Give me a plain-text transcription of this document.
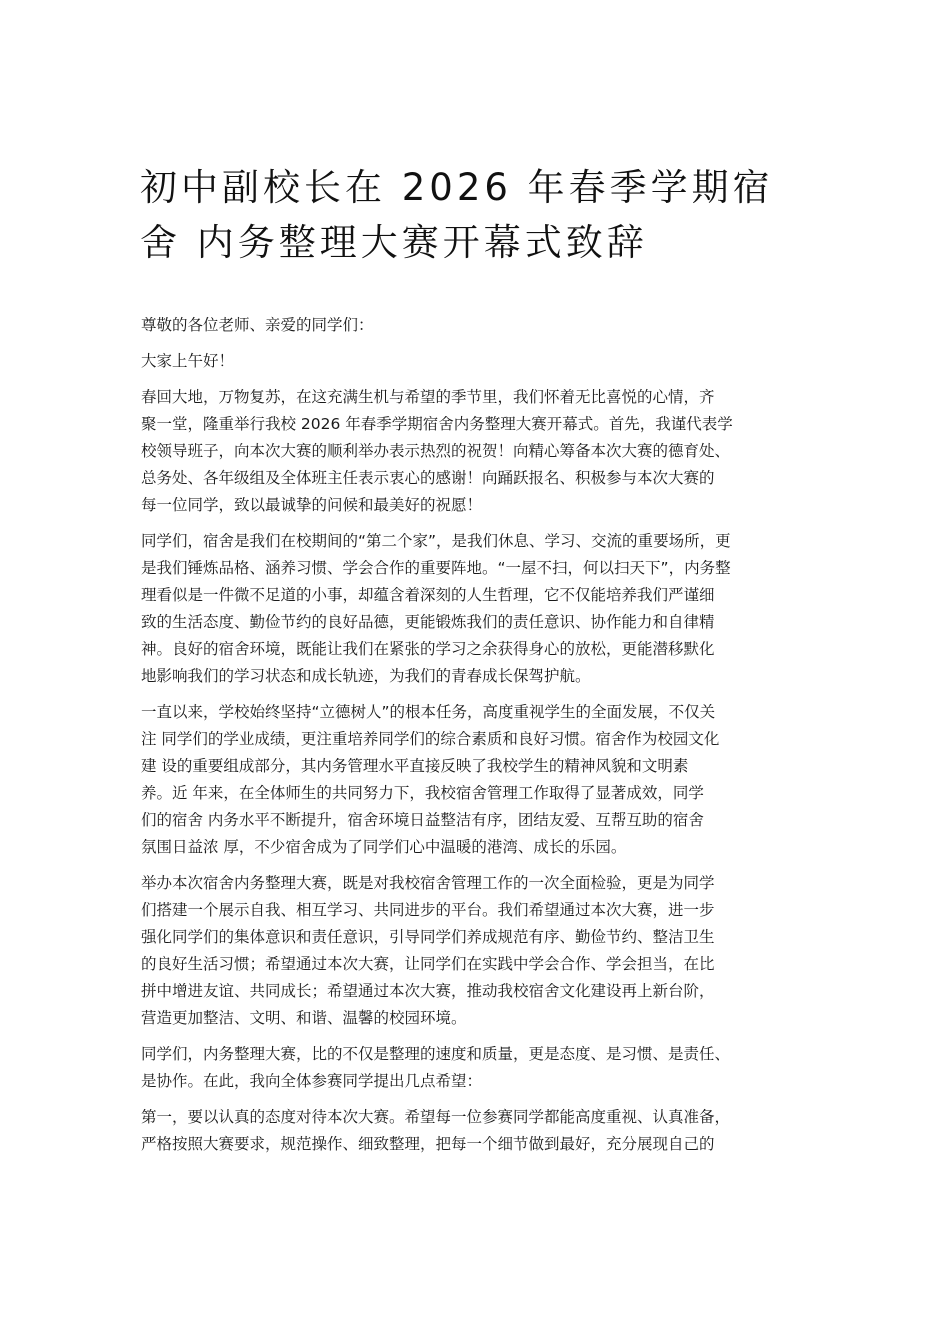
初中副校长在 2026 年春季学期宿
舍 内务整理大赛开幕式致辞

尊敬的各位老师、亲爱的同学们：

大家上午好！

春回大地，万物复苏，在这充满生机与希望的季节里，我们怀着无比喜悦的心情，齐
聚一堂，隆重举行我校 2026 年春季学期宿舍内务整理大赛开幕式。首先，我谨代表学
校领导班子，向本次大赛的顺利举办表示热烈的祝贺！向精心筹备本次大赛的德育处、
总务处、各年级组及全体班主任表示衷心的感谢！向踊跃报名、积极参与本次大赛的
每一位同学，致以最诚挚的问候和最美好的祝愿！

同学们，宿舍是我们在校期间的“第二个家”，是我们休息、学习、交流的重要场所，更
是我们锤炼品格、涵养习惯、学会合作的重要阵地。“一屋不扫，何以扫天下”，内务整
理看似是一件微不足道的小事，却蕴含着深刻的人生哲理，它不仅能培养我们严谨细
致的生活态度、勤俭节约的良好品德，更能锻炼我们的责任意识、协作能力和自律精
神。良好的宿舍环境，既能让我们在紧张的学习之余获得身心的放松，更能潜移默化
地影响我们的学习状态和成长轨迹，为我们的青春成长保驾护航。

一直以来，学校始终坚持“立德树人”的根本任务，高度重视学生的全面发展，不仅关
注 同学们的学业成绩，更注重培养同学们的综合素质和良好习惯。宿舍作为校园文化
建 设的重要组成部分，其内务管理水平直接反映了我校学生的精神风貌和文明素
养。近 年来，在全体师生的共同努力下，我校宿舍管理工作取得了显著成效，同学
们的宿舍 内务水平不断提升，宿舍环境日益整洁有序，团结友爱、互帮互助的宿舍
氛围日益浓 厚，不少宿舍成为了同学们心中温暖的港湾、成长的乐园。

举办本次宿舍内务整理大赛，既是对我校宿舍管理工作的一次全面检验，更是为同学
们搭建一个展示自我、相互学习、共同进步的平台。我们希望通过本次大赛，进一步
强化同学们的集体意识和责任意识，引导同学们养成规范有序、勤俭节约、整洁卫生
的良好生活习惯；希望通过本次大赛，让同学们在实践中学会合作、学会担当，在比
拼中增进友谊、共同成长；希望通过本次大赛，推动我校宿舍文化建设再上新台阶，
营造更加整洁、文明、和谐、温馨的校园环境。

同学们，内务整理大赛，比的不仅是整理的速度和质量，更是态度、是习惯、是责任、
是协作。在此，我向全体参赛同学提出几点希望：

第一，要以认真的态度对待本次大赛。希望每一位参赛同学都能高度重视、认真准备，
严格按照大赛要求，规范操作、细致整理，把每一个细节做到最好，充分展现自己的
